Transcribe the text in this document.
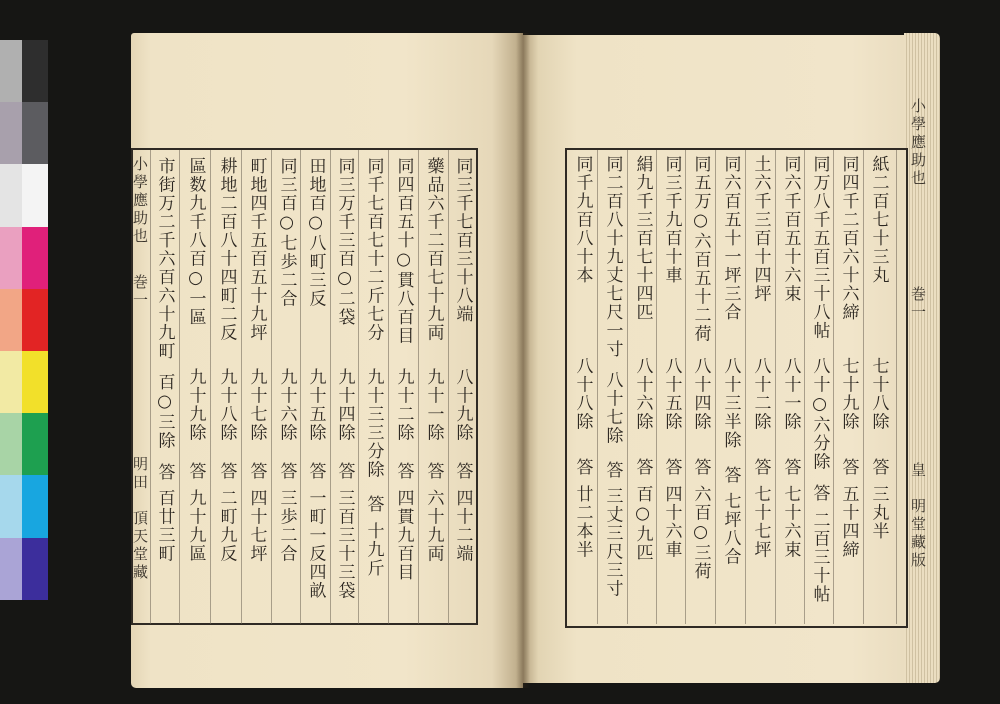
小學應助也
巻一
明田　頂天堂藏
小學應助也
巻一
皇　明堂藏版
同三千七百三十八端
八十九除
答
四十二端
藥品六千二百七十九両
九十一除
答
六十九両
同四百五十○貫八百目
九十二除
答
四貫九百目
同千七百七十二斤七分
九十三三分除
答
十九斤
同三万千三百○二袋
九十四除
答
三百三十三袋
田地百○八町三反
九十五除
答
一町一反四畝
同三百○七歩二合
九十六除
答
三歩二合
町地四千五百五十九坪
九十七除
答
四十七坪
耕地二百八十四町二反
九十八除
答
二町九反
區数九千八百○一區
九十九除
答
九十九區
市街万二千六百六十九町
百○三除
答
百廿三町
紙二百七十三丸
七十八除
答
三丸半
同四千二百六十六締
七十九除
答
五十四締
同万八千五百三十八帖
八十○六分除
答
二百三十帖
同六千百五十六束
八十一除
答
七十六束
土六千三百十四坪
八十二除
答
七十七坪
同六百五十一坪三合
八十三半除
答
七坪八合
同五万○六百五十二荷
八十四除
答
六百○三荷
同三千九百十車
八十五除
答
四十六車
絹九千三百七十四匹
八十六除
答
百○九匹
同二百八十九丈七尺一寸
八十七除
答
三丈三尺三寸
同千九百八十本
八十八除
答
廿二本半
